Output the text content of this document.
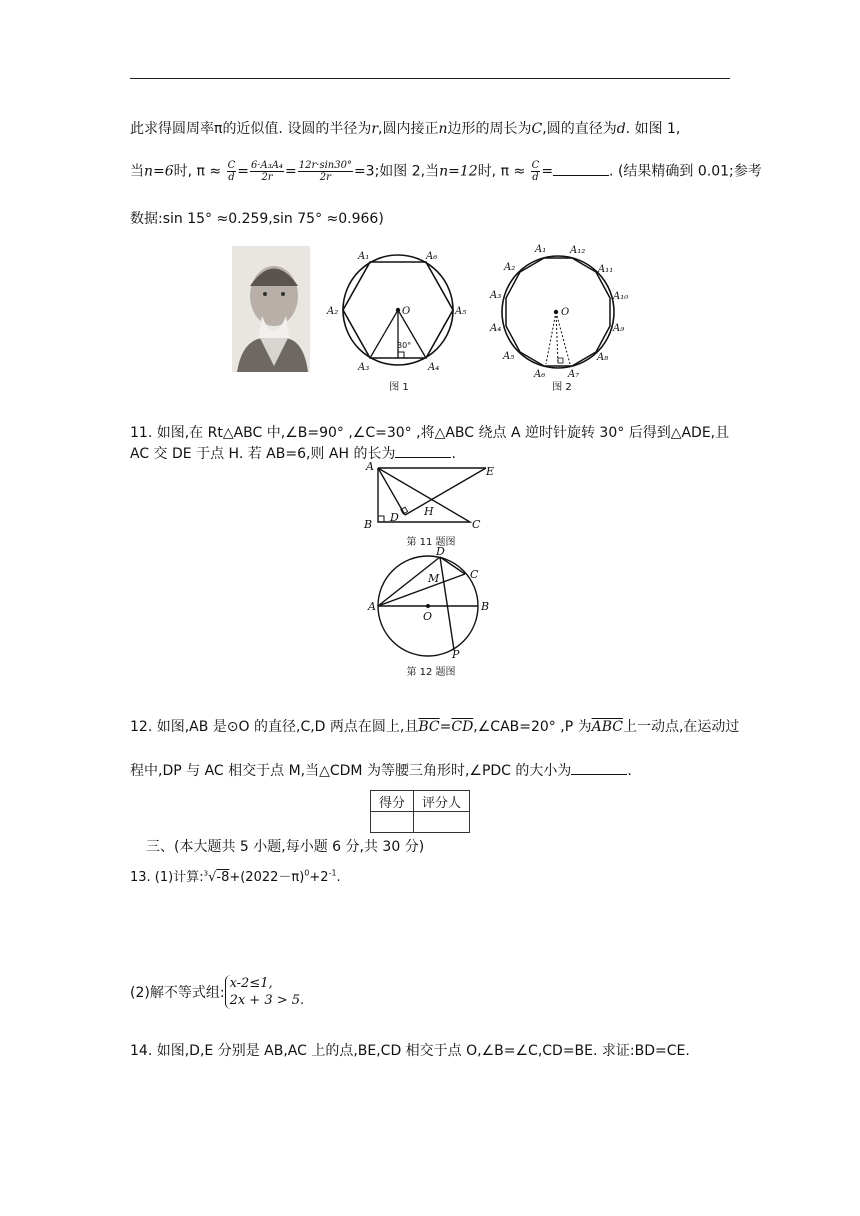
此求得圆周率π的近似值. 设圆的半径为r,圆内接正n边形的周长为C,圆的直径为d. 如图 1,
当n=6时, $\pi \approx \frac{C}{d} = \frac{\text{6·A₃A₄}}{2r} = \frac{12r\cdot\sin 30^\circ}{2r} =3$;如图 2,当n=12时, $\pi \approx \frac{C}{d}$ =	. (结果精确到 0.01;参考
数据:sin 15° ≈0.259,sin 75° ≈0.966)
A₁	A₆
A₂	A₅
A₃	A₄
O
30°
图 1
A₁ A₁₂
A₂	A₁₁
A₃	A₁₀
A₄	A₉
A₅	A₈
A₆ A₇
O
图 2
11. 如图,在 Rt△ABC 中,∠B=90° ,∠C=30° ,将△ABC 绕点 A 逆时针旋转 30° 后得到△ADE,且
AC 交 DE 于点 H. 若 AB=6,则 AH 的长为	.
A	E
B
D H
C
第 11 题图
D
C
M
A
O
B
P
第 12 题图
12. 如图,AB 是⊙O 的直径,C,D 两点在圆上,且$\overline{BC}=\overline{CD},\angle CAB=20^\circ$ ,P 为$\overline{ABC}$上一动点,在运动过
程中,DP 与 AC 相交于点 M,当△CDM 为等腰三角形时,∠PDC 的大小为	.
得分	评分人

三、(本大题共 5 小题,每小题 6 分,共 30 分)
13. (1)计算$:^3√-8+(2022-\pi)^0+2^{-1}$.
(2)解不等式组:
x-2≤1,
2x + 3 > 5.
14. 如图,D,E 分别是 AB,AC 上的点,BE,CD 相交于点 O,∠B=∠C,CD=BE. 求证:BD=CE.
